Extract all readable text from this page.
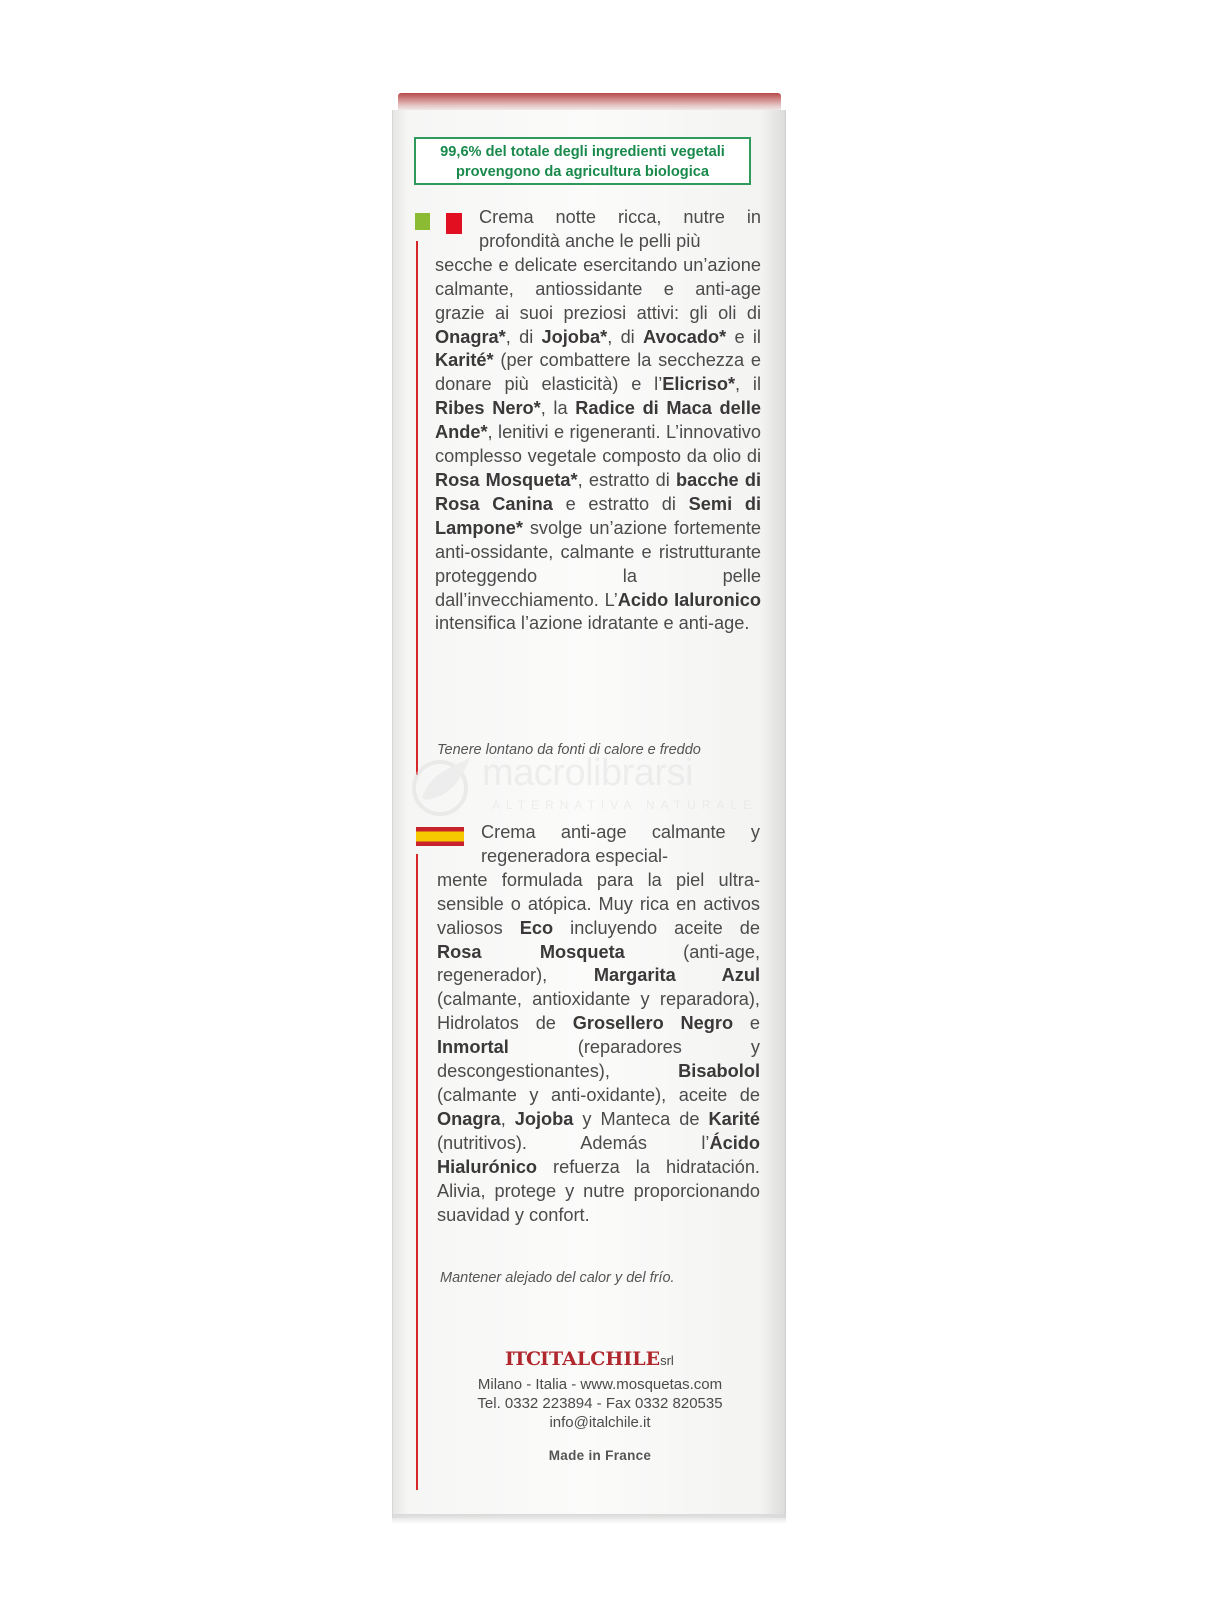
99,6% del totale degli ingredienti vegetali
provengono da agricultura biologica

Crema notte ricca, nutre in profondità anche le pelli più
secche e delicate esercitando un’azione calmante, antiossidante e anti-age grazie ai suoi preziosi attivi: gli oli di Onagra*, di Jojoba*, di Avocado* e il Karité* (per combattere la secchezza e donare più elasticità) e l’Elicriso*, il Ribes Nero*, la Radice di Maca delle Ande*, lenitivi e rigeneranti. L’innovativo complesso vegetale composto da olio di Rosa Mosqueta*, estratto di bacche di Rosa Canina e estratto di Semi di Lampone* svolge un’azione fortemente anti-ossidante, calmante e ristrutturante proteggendo la pelle dall’invecchiamento. L’Acido Ialuronico intensifica l’azione idratante e anti-age.

Tenere lontano da fonti di calore e freddo
macrolibrarsi
ALTERNATIVA NATURALE

Crema anti-age calmante y regeneradora especial-
mente formulada para la piel ultra-sensible o atópica. Muy rica en activos valiosos Eco incluyendo aceite de Rosa Mosqueta (anti-age, regenerador), Margarita Azul (calmante, antioxidante y reparadora), Hidrolatos de Grosellero Negro e Inmortal (reparadores y descongestionantes), Bisabolol (calmante y anti-oxidante), aceite de Onagra, Jojoba y Manteca de Karité (nutritivos). Además l’Ácido Hialurónico refuerza la hidratación. Alivia, protege y nutre proporcionando suavidad y confort.

Mantener alejado del calor y del frío.
ITCITALCHILEsrl
Milano - Italia - www.mosquetas.com
Tel. 0332 223894 - Fax 0332 820535
info@italchile.it
Made in France
